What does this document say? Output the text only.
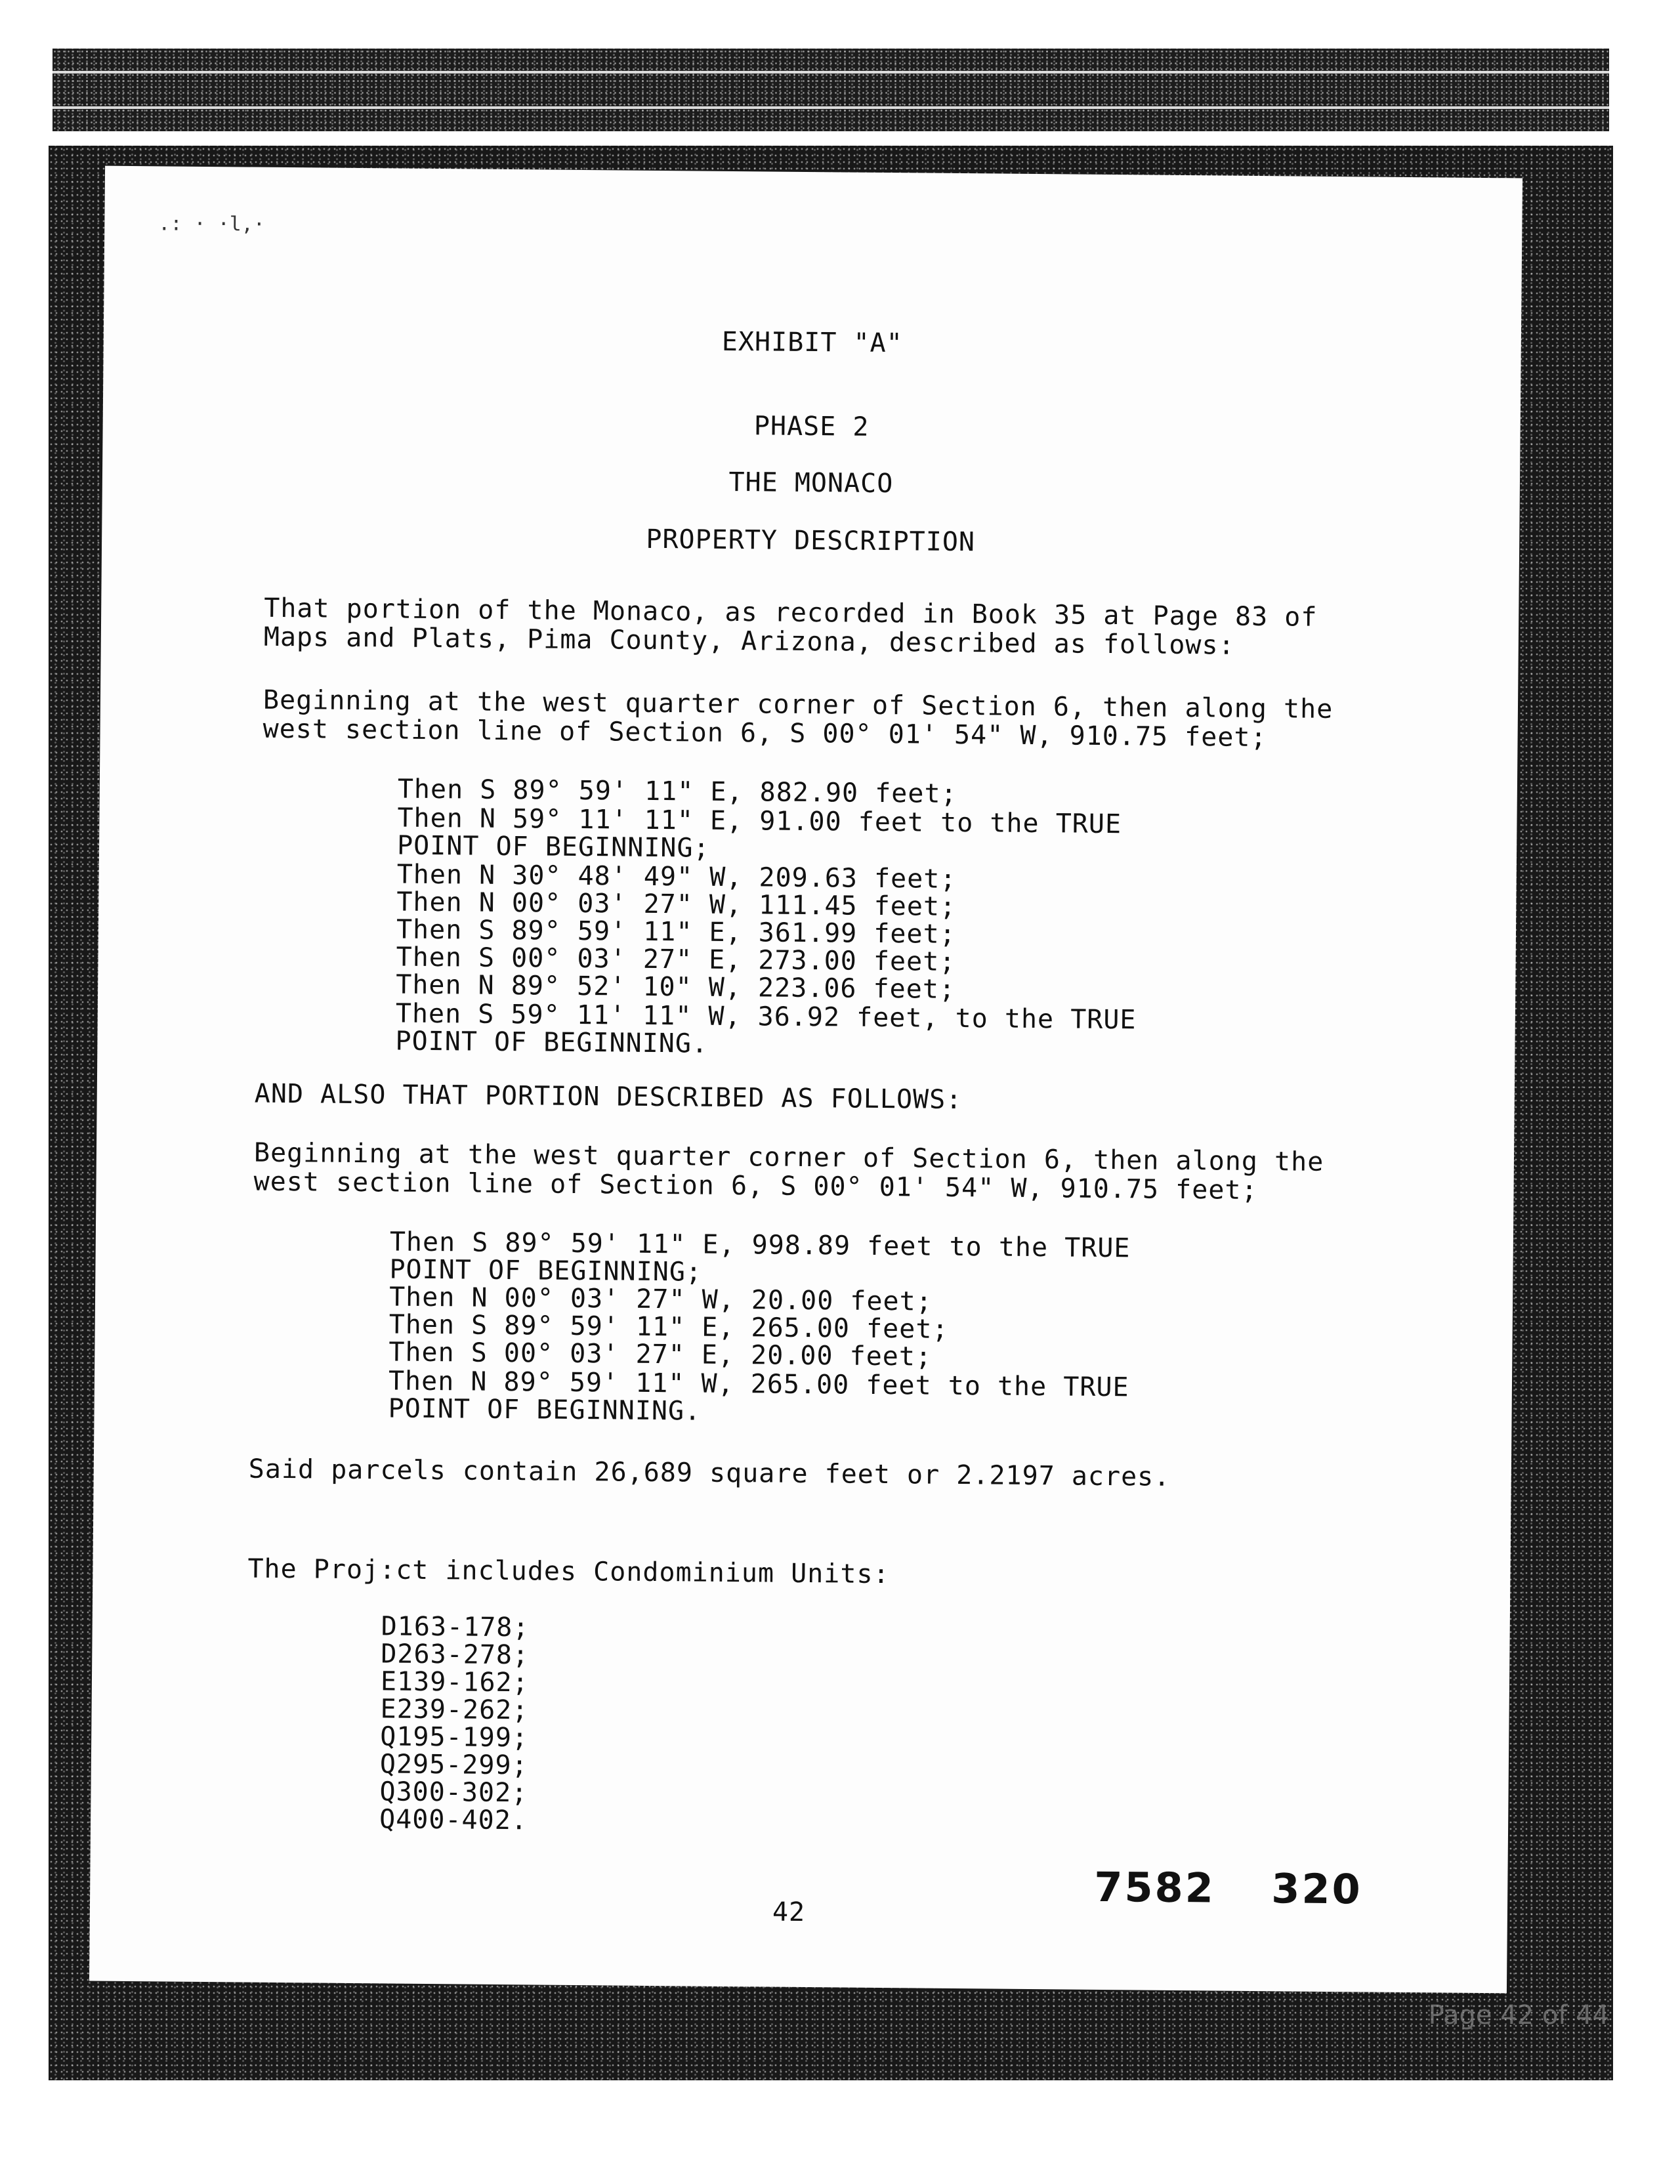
.: · ·l,·
EXHIBIT "A"
PHASE 2
THE MONACO
PROPERTY DESCRIPTION
That portion of the Monaco, as recorded in Book 35 at Page 83 of
Maps and Plats, Pima County, Arizona, described as follows:
Beginning at the west quarter corner of Section 6, then along the
west section line of Section 6, S 00° 01' 54" W, 910.75 feet;
Then S 89° 59' 11" E, 882.90 feet;
Then N 59° 11' 11" E, 91.00 feet to the TRUE
POINT OF BEGINNING;
Then N 30° 48' 49" W, 209.63 feet;
Then N 00° 03' 27" W, 111.45 feet;
Then S 89° 59' 11" E, 361.99 feet;
Then S 00° 03' 27" E, 273.00 feet;
Then N 89° 52' 10" W, 223.06 feet;
Then S 59° 11' 11" W, 36.92 feet, to the TRUE
POINT OF BEGINNING.
AND ALSO THAT PORTION DESCRIBED AS FOLLOWS:
Beginning at the west quarter corner of Section 6, then along the
west section line of Section 6, S 00° 01' 54" W, 910.75 feet;
Then S 89° 59' 11" E, 998.89 feet to the TRUE
POINT OF BEGINNING;
Then N 00° 03' 27" W, 20.00 feet;
Then S 89° 59' 11" E, 265.00 feet;
Then S 00° 03' 27" E, 20.00 feet;
Then N 89° 59' 11" W, 265.00 feet to the TRUE
POINT OF BEGINNING.
Said parcels contain 26,689 square feet or 2.2197 acres.
The Proj:ct includes Condominium Units:
D163-178;
D263-278;
E139-162;
E239-262;
Q195-199;
Q295-299;
Q300-302;
Q400-402.
42
7582 320
Page 42 of 44
